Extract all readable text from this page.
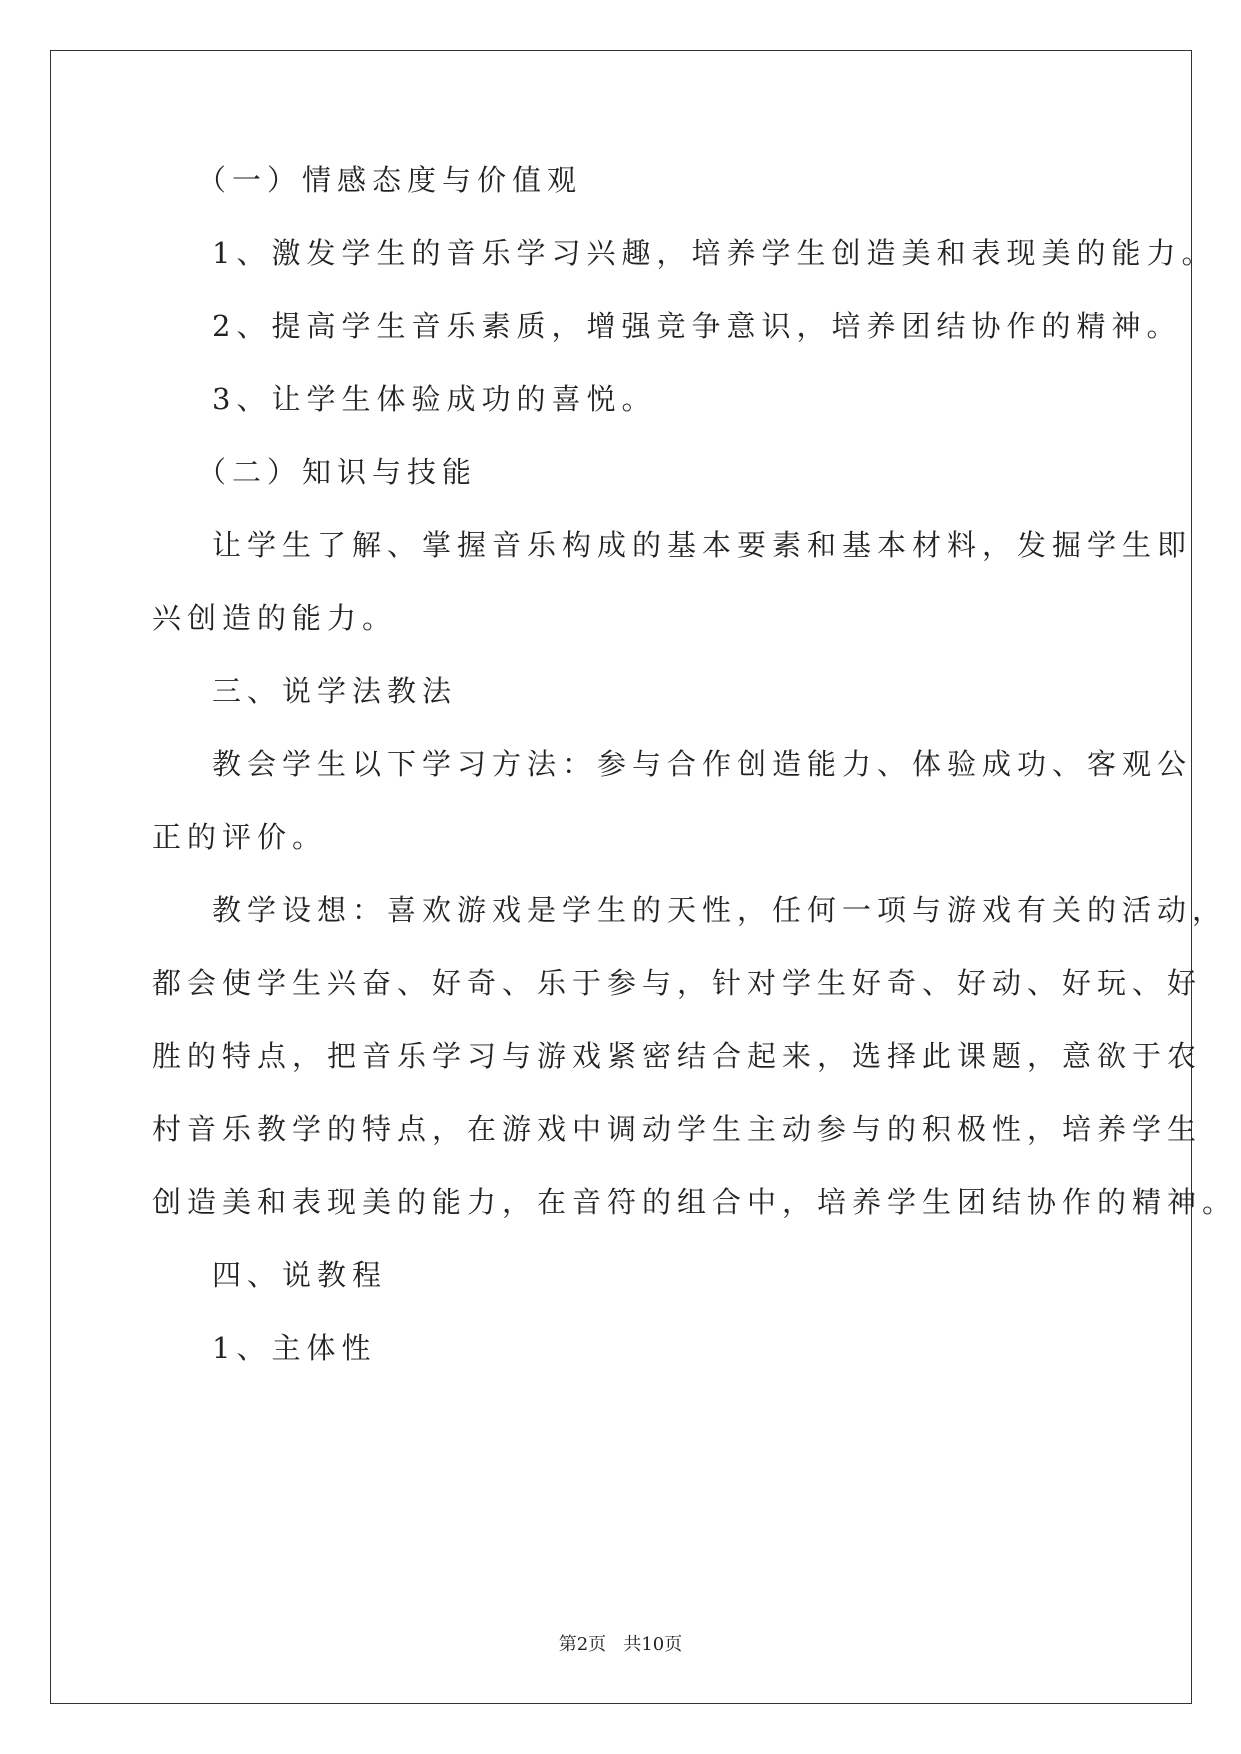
（一）情感态度与价值观
1、激发学生的音乐学习兴趣，培养学生创造美和表现美的能力。
2、提高学生音乐素质，增强竞争意识，培养团结协作的精神。
3、让学生体验成功的喜悦。
（二）知识与技能
让学生了解、掌握音乐构成的基本要素和基本材料，发掘学生即
兴创造的能力。
三、说学法教法
教会学生以下学习方法：参与合作创造能力、体验成功、客观公
正的评价。
教学设想：喜欢游戏是学生的天性，任何一项与游戏有关的活动，
都会使学生兴奋、好奇、乐于参与，针对学生好奇、好动、好玩、好
胜的特点，把音乐学习与游戏紧密结合起来，选择此课题，意欲于农
村音乐教学的特点，在游戏中调动学生主动参与的积极性，培养学生
创造美和表现美的能力，在音符的组合中，培养学生团结协作的精神。
四、说教程
1、主体性
第2页 共10页
